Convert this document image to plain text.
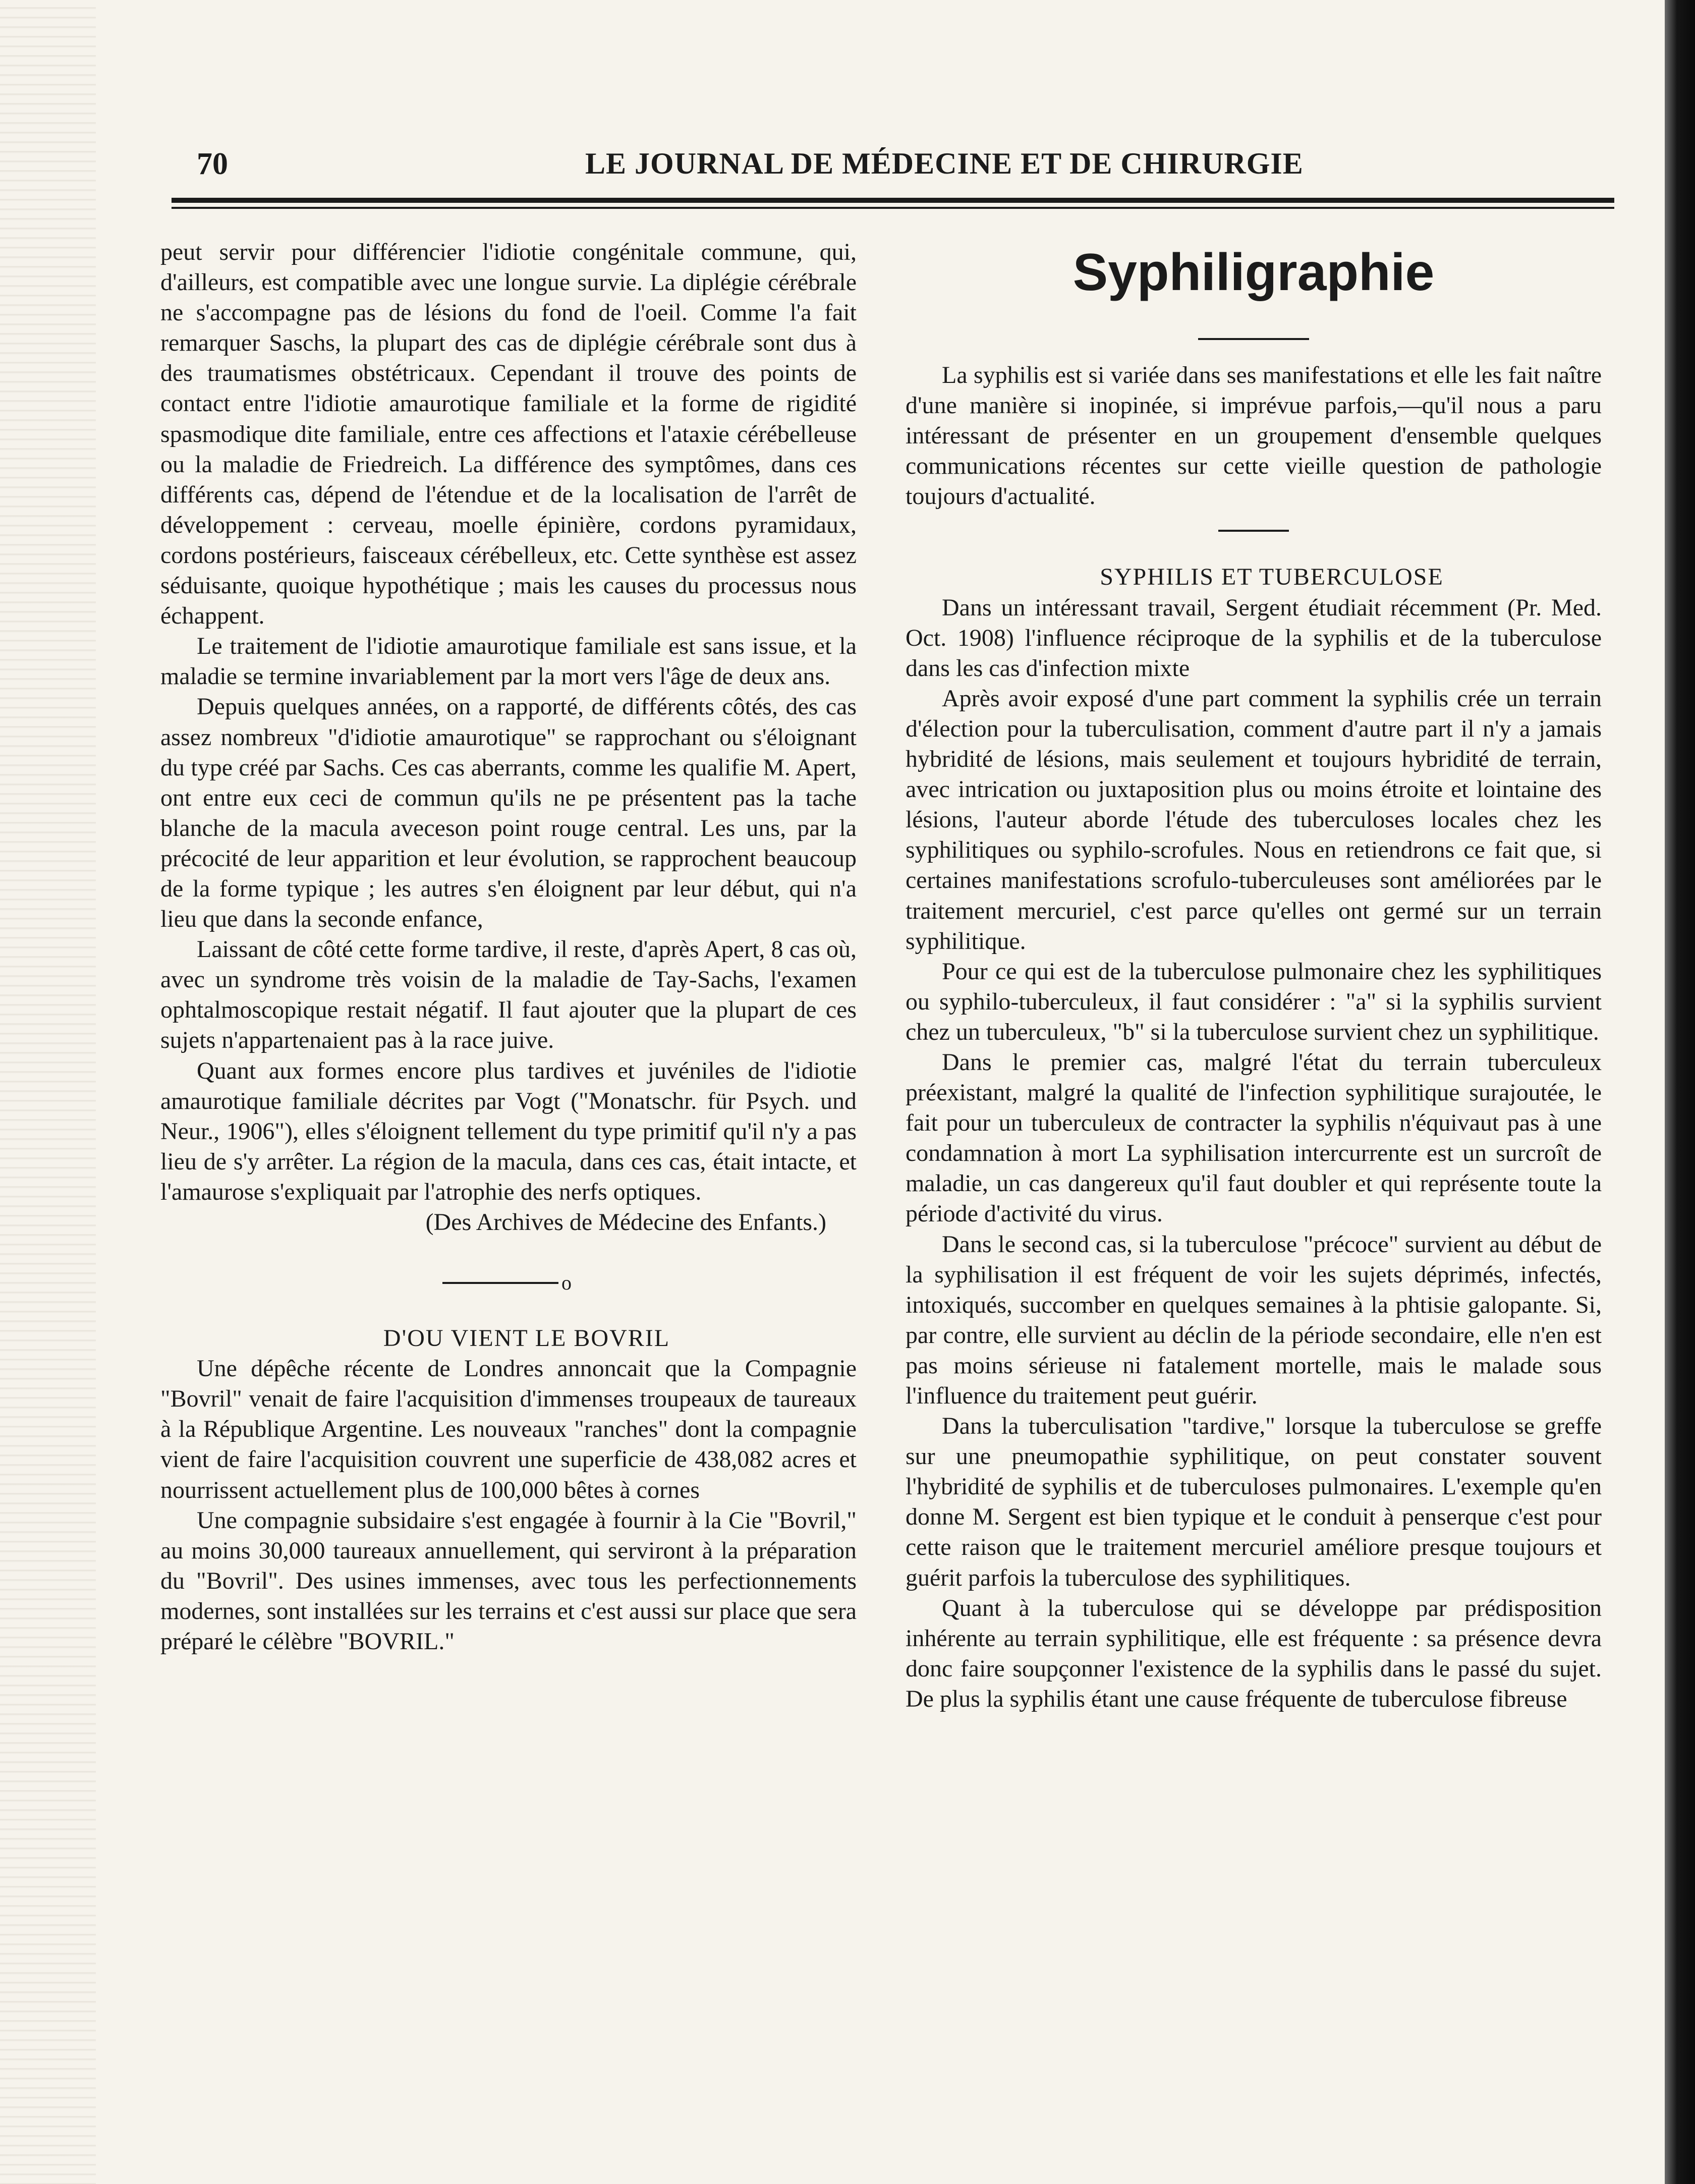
70	LE JOURNAL DE MÉDECINE ET DE CHIRURGIE

peut servir pour différencier l'idiotie congénitale commune, qui, d'ailleurs, est compatible avec une longue survie. La diplégie cérébrale ne s'accompagne pas de lésions du fond de l'oeil. Comme l'a fait remarquer Saschs, la plupart des cas de diplégie cérébrale sont dus à des traumatismes obstétricaux. Cependant il trouve des points de contact entre l'idiotie amaurotique familiale et la forme de rigidité spasmodique dite familiale, entre ces affections et l'ataxie cérébelleuse ou la maladie de Friedreich. La différence des symptômes, dans ces différents cas, dépend de l'étendue et de la localisation de l'arrêt de développement : cerveau, moelle épinière, cordons pyramidaux, cordons postérieurs, faisceaux cérébelleux, etc. Cette synthèse est assez séduisante, quoique hypothétique ; mais les causes du processus nous échappent.

Le traitement de l'idiotie amaurotique familiale est sans issue, et la maladie se termine invariablement par la mort vers l'âge de deux ans.

Depuis quelques années, on a rapporté, de différents côtés, des cas assez nombreux "d'idiotie amaurotique" se rapprochant ou s'éloignant du type créé par Sachs. Ces cas aberrants, comme les qualifie M. Apert, ont entre eux ceci de commun qu'ils ne pe présentent pas la tache blanche de la macula aveceson point rouge central. Les uns, par la précocité de leur apparition et leur évolution, se rapprochent beaucoup de la forme typique ; les autres s'en éloignent par leur début, qui n'a lieu que dans la seconde enfance,

Laissant de côté cette forme tardive, il reste, d'après Apert, 8 cas où, avec un syndrome très voisin de la maladie de Tay-Sachs, l'examen ophtalmoscopique restait négatif. Il faut ajouter que la plupart de ces sujets n'appartenaient pas à la race juive.

Quant aux formes encore plus tardives et juvéniles de l'idiotie amaurotique familiale décrites par Vogt ("Monatschr. für Psych. und Neur., 1906"), elles s'éloignent tellement du type primitif qu'il n'y a pas lieu de s'y arrêter. La région de la macula, dans ces cas, était intacte, et l'amaurose s'expliquait par l'atrophie des nerfs optiques.

(Des Archives de Médecine des Enfants.)

o

D'OU VIENT LE BOVRIL

Une dépêche récente de Londres annoncait que la Compagnie "Bovril" venait de faire l'acquisition d'immenses troupeaux de taureaux à la République Argentine. Les nouveaux "ranches" dont la compagnie vient de faire l'acquisition couvrent une superficie de 438,082 acres et nourrissent actuellement plus de 100,000 bêtes à cornes

Une compagnie subsidaire s'est engagée à fournir à la Cie "Bovril," au moins 30,000 taureaux annuellement, qui serviront à la préparation du "Bovril". Des usines immenses, avec tous les perfectionnements modernes, sont installées sur les terrains et c'est aussi sur place que sera préparé le célèbre "BOVRIL."

Syphiligraphie

La syphilis est si variée dans ses manifestations et elle les fait naître d'une manière si inopinée, si imprévue parfois,—qu'il nous a paru intéressant de présenter en un groupement d'ensemble quelques communications récentes sur cette vieille question de pathologie toujours d'actualité.

SYPHILIS ET TUBERCULOSE

Dans un intéressant travail, Sergent étudiait récemment (Pr. Med. Oct. 1908) l'influence réciproque de la syphilis et de la tuberculose dans les cas d'infection mixte

Après avoir exposé d'une part comment la syphilis crée un terrain d'élection pour la tuberculisation, comment d'autre part il n'y a jamais hybridité de lésions, mais seulement et toujours hybridité de terrain, avec intrication ou juxtaposition plus ou moins étroite et lointaine des lésions, l'auteur aborde l'étude des tuberculoses locales chez les syphilitiques ou syphilo-scrofules. Nous en retiendrons ce fait que, si certaines manifestations scrofulo-tuberculeuses sont améliorées par le traitement mercuriel, c'est parce qu'elles ont germé sur un terrain syphilitique.

Pour ce qui est de la tuberculose pulmonaire chez les syphilitiques ou syphilo-tuberculeux, il faut considérer : "a" si la syphilis survient chez un tuberculeux, "b" si la tuberculose survient chez un syphilitique.

Dans le premier cas, malgré l'état du terrain tuberculeux préexistant, malgré la qualité de l'infection syphilitique surajoutée, le fait pour un tuberculeux de contracter la syphilis n'équivaut pas à une condamnation à mort La syphilisation intercurrente est un surcroît de maladie, un cas dangereux qu'il faut doubler et qui représente toute la période d'activité du virus.

Dans le second cas, si la tuberculose "précoce" survient au début de la syphilisation il est fréquent de voir les sujets déprimés, infectés, intoxiqués, succomber en quelques semaines à la phtisie galopante. Si, par contre, elle survient au déclin de la période secondaire, elle n'en est pas moins sérieuse ni fatalement mortelle, mais le malade sous l'influence du traitement peut guérir.

Dans la tuberculisation "tardive," lorsque la tuberculose se greffe sur une pneumopathie syphilitique, on peut constater souvent l'hybridité de syphilis et de tuberculoses pulmonaires. L'exemple qu'en donne M. Sergent est bien typique et le conduit à penserque c'est pour cette raison que le traitement mercuriel améliore presque toujours et guérit parfois la tuberculose des syphilitiques.

Quant à la tuberculose qui se développe par prédisposition inhérente au terrain syphilitique, elle est fréquente : sa présence devra donc faire soupçonner l'existence de la syphilis dans le passé du sujet. De plus la syphilis étant une cause fréquente de tuberculose fibreuse
